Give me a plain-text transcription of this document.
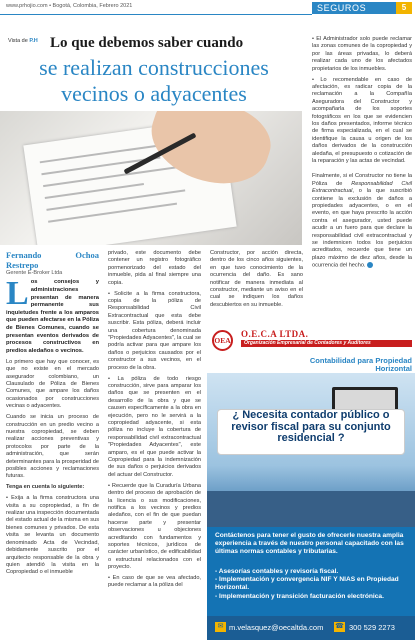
www.prhojio.com • Bogotá, Colombia, Febrero 2021	SEGUROS	5
Vista de P.H Lo que debemos saber cuando
se realizan construcciones
vecinos o adyacentes
Fernando Ochoa Restrepo
Gerente E-Broker Ltda

Los consejos y administraciones presentan de manera permanente sus inquietudes frente a los amparos que pueden afectarse en la Póliza de Bienes Comunes, cuando se presentan eventos derivados de procesos constructivos en predios aledaños o vecinos.

Lo primero que hay que conocer, es que no existe en el mercado asegurador colombiano, un Clausulado de Póliza de Bienes Comunes, que ampare los daños ocasionados por construcciones vecinas o adyacentes.

Cuando se inicia un proceso de construcción en un predio vecino a nuestra copropiedad, se deben realizar acciones preventivas y protocolos por parte de la administración, que serán determinantes para la prosperidad de posibles acciones y reclamaciones futuras.

Tenga en cuenta lo siguiente:

• Exija a la firma constructora una visita a su copropiedad, a fin de realizar una inspección documentada del estado actual de la misma en sus bienes comunes y privados. De esta visita se levanta un documento denominado Acta de Vecindad, debidamente suscrito por el arquitecto responsable de la obra y quien atendió la visita en la Copropiedad o el inmueble

privado, este documento debe contener un registro fotográfico pormenorizado del estado del inmueble, pida al final siempre una copia.

• Solicite a la firma constructora, copia de la póliza de Responsabilidad Civil Extracontractual que esta debe suscribir. Esta póliza, deberá incluir una cobertura denominada "Propiedades Adyacentes", la cual se podría activar para que ampare los daños o perjuicios causados por el constructor a sus vecinos, en el proceso de la obra.

• La póliza de todo riesgo construcción, sirve para amparar los daños que se presenten en el desarrollo de la obra y que se causen específicamente a la obra en ejecución, pero no le servirá a la copropiedad adyacente, si esta póliza no incluye la cobertura de responsabilidad civil extracontractual "Propiedades Adyacentes", este amparo, es el que puede activar la Copropiedad para la indemnización de sus daños o perjuicios derivados del actuar del Constructor.

• Recuerde que la Curaduría Urbana dentro del proceso de aprobación de la licencia o sus modificaciones, notifica a los vecinos y predios aledaños, con el fin de que puedan hacerse parte y presentar observaciones u objeciones acreditando con fundamentos y soportes técnicos, jurídicos de carácter urbanístico, de edificabilidad o estructural relacionados con el proyecto.

• En caso de que se vea afectado, puede reclamar a la póliza del

Constructor, por acción directa, dentro de los cinco años siguientes, en que tuvo conocimiento de la ocurrencia del daño. Es sano notificar de manera inmediata al constructor, mediante un aviso en el cual se indiquen los daños descubiertos en su inmueble.

• El Administrador solo puede reclamar las zonas comunes de la copropiedad y por las áreas privadas, lo deberá realizar cada uno de los afectados propietarios de los inmuebles.

• Lo recomendable en caso de afectación, es radicar copia de la reclamación a la Compañía Aseguradora del Constructor y acompañarla de los soportes fotográficos en los que se evidencien los daños presentados, informe técnico de firma especializada, en el cual se identifique la causa u origen de los daños derivados de la construcción aledaña, el presupuesto o cotización de la reparación y las actas de vecindad.

Finalmente, si el Constructor no tiene la Póliza de Responsabilidad Civil Extracontractual, o la que suscribió contiene la exclusión de daños a propiedades adyacentes, o en el evento, en que haya prescrito la acción contra el asegurador, usted puede acudir a un fuero para que declare la responsabilidad civil extracontractual y se indemnicen todos los perjuicios acreditados, recuerde que tiene un plazo máximo de diez años, desde la ocurrencia del hecho.

OEA
O.E.C.A LTDA.
Organización Empresarial de Contadores y Auditores
Contabilidad para Propiedad Horizontal
¿ Necesita contador público o revisor fiscal para su conjunto residencial ?
Contáctenos para tener el gusto de ofrecerle nuestra amplia experiencia a través de nuestro personal capacitado con las últimas normas contables y tributarias.
- Asesorías contables y revisoría fiscal.
- Implementación y convergencia NIF Y NIAS en Propiedad Horizontal.
- Implementación y transición facturación electrónica.
✉ m.velasquez@oecaltda.com ☎ 300 529 2273
